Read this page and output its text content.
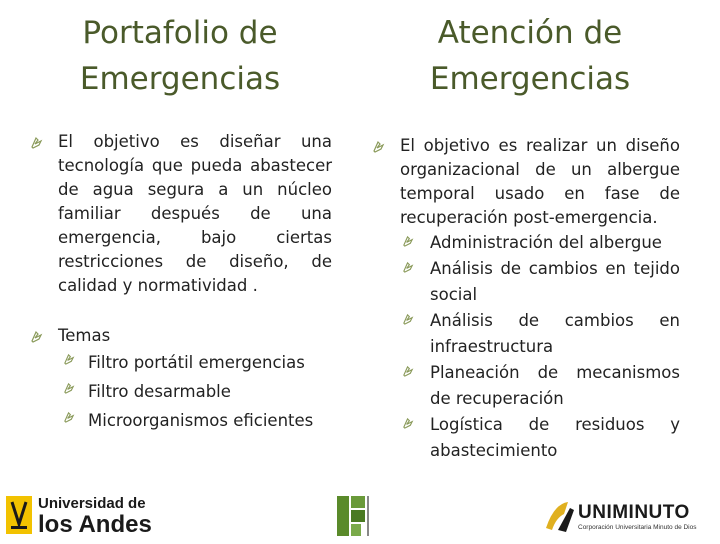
Portafolio de
Emergencias
El objetivo es diseñar una tecnología que pueda abastecer de agua segura a un núcleo familiar después de una emergencia, bajo ciertas restricciones de diseño, de calidad y normatividad .
Temas
Filtro portátil emergencias
Filtro desarmable
Microorganismos eficientes
Atención de
Emergencias
El objetivo es realizar un diseño organizacional de un albergue temporal usado en fase de recuperación post-emergencia.
Administración del albergue
Análisis de cambios en tejido social
Análisis de cambios en infraestructura
Planeación de mecanismos de recuperación
Logística de residuos y abastecimiento
Universidad de
los Andes	UNIMINUTO
Corporación Universitaria Minuto de Dios
